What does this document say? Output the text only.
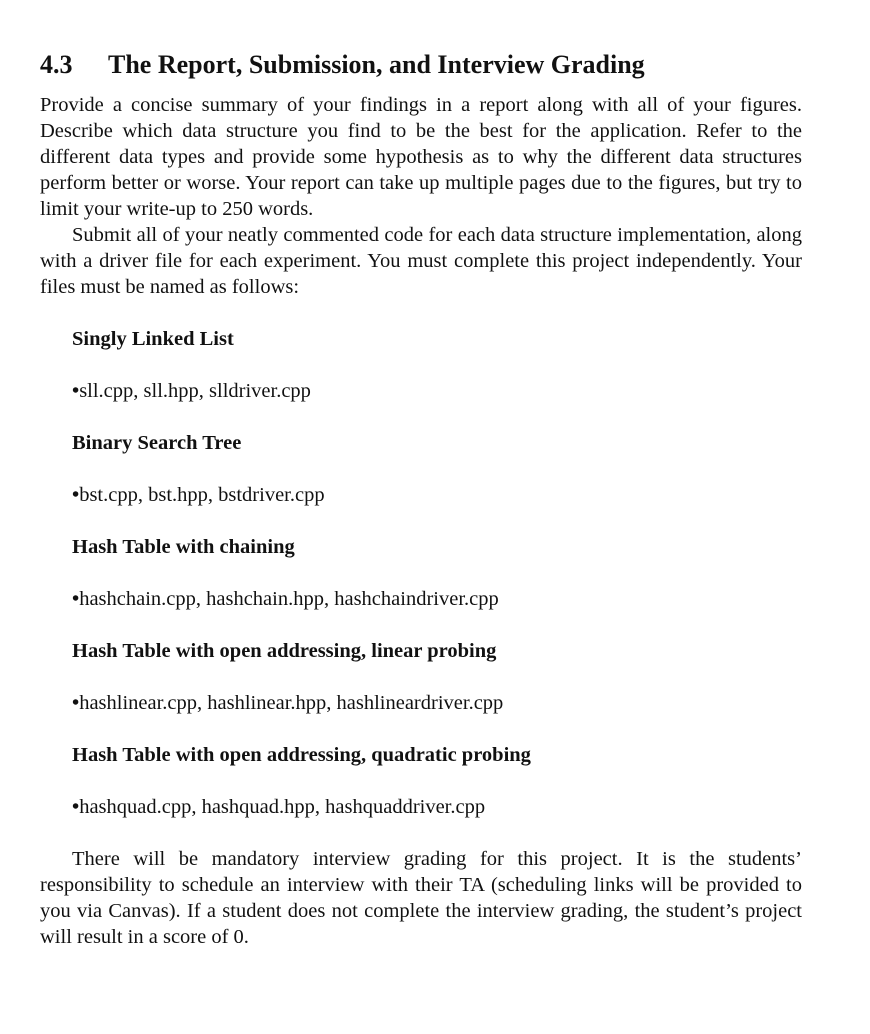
4.3 The Report, Submission, and Interview Grading

Provide a concise summary of your findings in a report along with all of your figures. Describe which data structure you find to be the best for the application. Refer to the different data types and provide some hypothesis as to why the different data structures perform better or worse. Your report can take up multiple pages due to the figures, but try to limit your write-up to 250 words.

Submit all of your neatly commented code for each data structure implementation, along with a driver file for each experiment. You must complete this project independently. Your files must be named as follows:

Singly Linked List

•sll.cpp, sll.hpp, slldriver.cpp

Binary Search Tree

•bst.cpp, bst.hpp, bstdriver.cpp

Hash Table with chaining

•hashchain.cpp, hashchain.hpp, hashchaindriver.cpp

Hash Table with open addressing, linear probing

•hashlinear.cpp, hashlinear.hpp, hashlineardriver.cpp

Hash Table with open addressing, quadratic probing

•hashquad.cpp, hashquad.hpp, hashquaddriver.cpp

There will be mandatory interview grading for this project. It is the students’ responsibility to schedule an interview with their TA (scheduling links will be provided to you via Canvas). If a student does not complete the interview grading, the student’s project will result in a score of 0.
